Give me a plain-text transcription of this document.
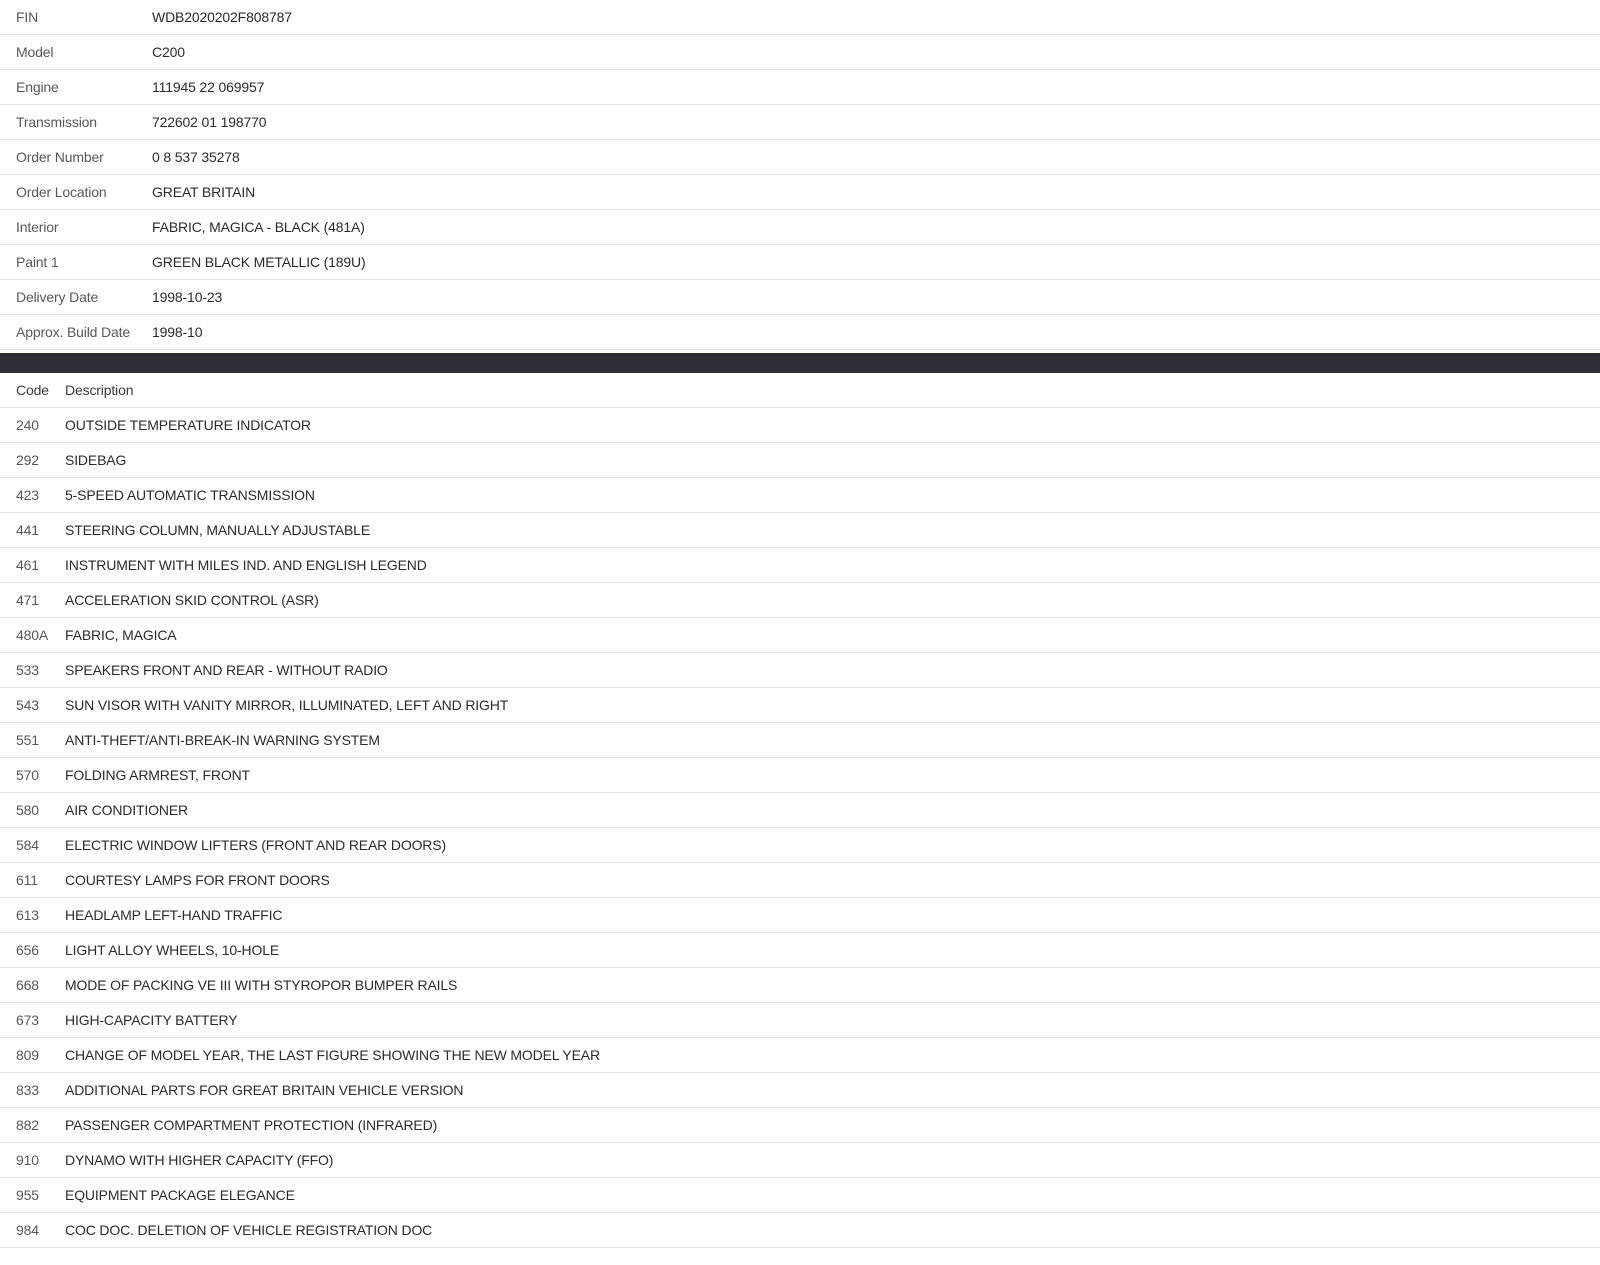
FIN	WDB2020202F808787
Model	C200
Engine	111945 22 069957
Transmission	722602 01 198770
Order Number	0 8 537 35278
Order Location	GREAT BRITAIN
Interior	FABRIC, MAGICA - BLACK (481A)
Paint 1	GREEN BLACK METALLIC (189U)
Delivery Date	1998-10-23
Approx. Build Date	1998-10
Code	Description
240	OUTSIDE TEMPERATURE INDICATOR
292	SIDEBAG
423	5-SPEED AUTOMATIC TRANSMISSION
441	STEERING COLUMN, MANUALLY ADJUSTABLE
461	INSTRUMENT WITH MILES IND. AND ENGLISH LEGEND
471	ACCELERATION SKID CONTROL (ASR)
480A	FABRIC, MAGICA
533	SPEAKERS FRONT AND REAR - WITHOUT RADIO
543	SUN VISOR WITH VANITY MIRROR, ILLUMINATED, LEFT AND RIGHT
551	ANTI-THEFT/ANTI-BREAK-IN WARNING SYSTEM
570	FOLDING ARMREST, FRONT
580	AIR CONDITIONER
584	ELECTRIC WINDOW LIFTERS (FRONT AND REAR DOORS)
611	COURTESY LAMPS FOR FRONT DOORS
613	HEADLAMP LEFT-HAND TRAFFIC
656	LIGHT ALLOY WHEELS, 10-HOLE
668	MODE OF PACKING VE III WITH STYROPOR BUMPER RAILS
673	HIGH-CAPACITY BATTERY
809	CHANGE OF MODEL YEAR, THE LAST FIGURE SHOWING THE NEW MODEL YEAR
833	ADDITIONAL PARTS FOR GREAT BRITAIN VEHICLE VERSION
882	PASSENGER COMPARTMENT PROTECTION (INFRARED)
910	DYNAMO WITH HIGHER CAPACITY (FFO)
955	EQUIPMENT PACKAGE ELEGANCE
984	COC DOC. DELETION OF VEHICLE REGISTRATION DOC
